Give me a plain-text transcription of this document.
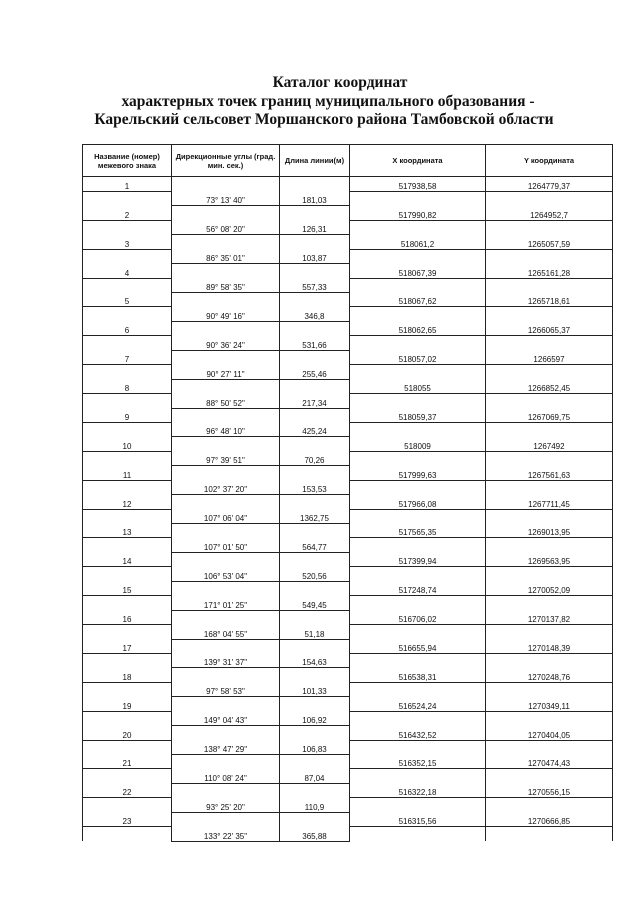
Каталог координат
характерных точек границ муниципального образования -
Карельский сельсовет Моршанского района Тамбовской области
Название (номер) межевого знака	Дирекционные углы (град. мин. сек.)	Длина линии(м)	X координата	Y координата
1			517938,58	1264779,37
	73° 13' 40"	181,03		
2			517990,82	1264952,7
	56° 08' 20"	126,31		
3			518061,2	1265057,59
	86° 35' 01"	103,87		
4			518067,39	1265161,28
	89° 58' 35"	557,33		
5			518067,62	1265718,61
	90° 49' 16"	346,8		
6			518062,65	1266065,37
	90° 36' 24"	531,66		
7			518057,02	1266597
	90° 27' 11"	255,46		
8			518055	1266852,45
	88° 50' 52"	217,34		
9			518059,37	1267069,75
	96° 48' 10"	425,24		
10			518009	1267492
	97° 39' 51"	70,26		
11			517999,63	1267561,63
	102° 37' 20"	153,53		
12			517966,08	1267711,45
	107° 06' 04"	1362,75		
13			517565,35	1269013,95
	107° 01' 50"	564,77		
14			517399,94	1269563,95
	106° 53' 04"	520,56		
15			517248,74	1270052,09
	171° 01' 25"	549,45		
16			516706,02	1270137,82
	168° 04' 55"	51,18		
17			516655,94	1270148,39
	139° 31' 37"	154,63		
18			516538,31	1270248,76
	97° 58' 53"	101,33		
19			516524,24	1270349,11
	149° 04' 43"	106,92		
20			516432,52	1270404,05
	138° 47' 29"	106,83		
21			516352,15	1270474,43
	110° 08' 24"	87,04		
22			516322,18	1270556,15
	93° 25' 20"	110,9		
23			516315,56	1270666,85
	133° 22' 35"	365,88		
